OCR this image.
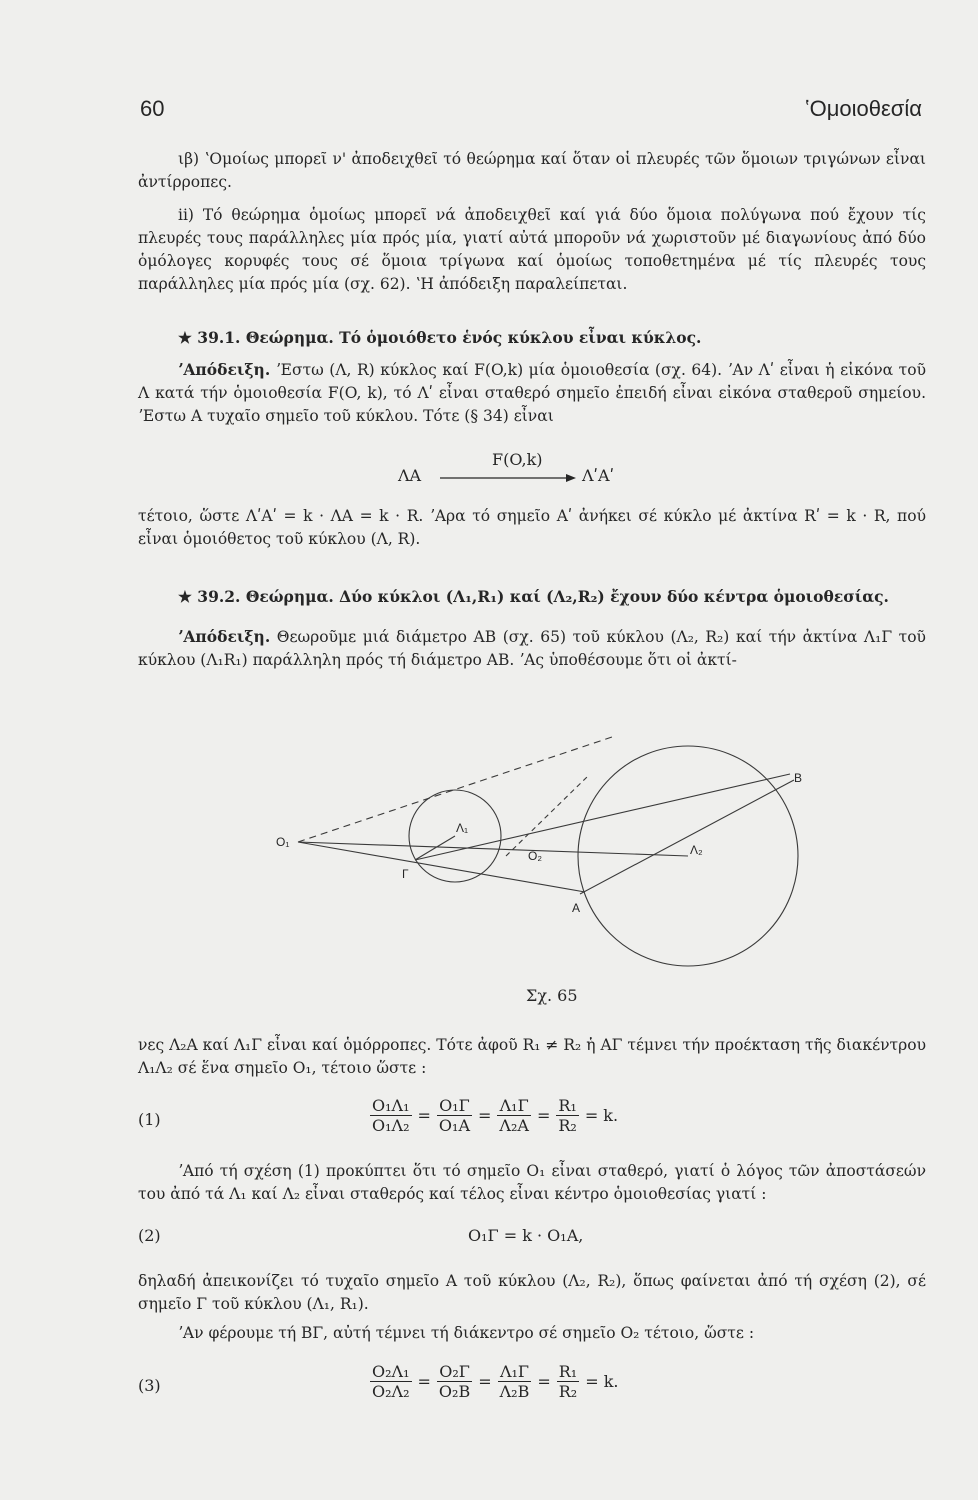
60	ʽΟμοιοθεσία

ιβ) ʽΟμοίως μπορεῖ ν' ἀποδειχθεῖ τό θεώρημα καί ὅταν οἱ πλευρές τῶν ὅμοιων τριγώνων εἶναι ἀντίρροπες.

ii) Τό θεώρημα ὁμοίως μπορεῖ νά ἀποδειχθεῖ καί γιά δύο ὅμοια πολύγωνα πού ἔχουν τίς πλευρές τους παράλληλες μία πρός μία, γιατί αὐτά μποροῦν νά χωριστοῦν μέ διαγωνίους ἀπό δύο ὁμόλογες κορυφές τους σέ ὅμοια τρίγωνα καί ὁμοίως τοποθετημένα μέ τίς πλευρές τους παράλληλες μία πρός μία (σχ. 62). ʽΗ ἀπόδειξη παραλείπεται.

★ 39.1. Θεώρημα. Τό ὁμοιόθετο ἑνός κύκλου εἶναι κύκλος.

ʼΑπόδειξη. ʼΕστω (Λ, R) κύκλος καί F(O,k) μία ὁμοιοθεσία (σχ. 64). ʼΑν Λʹ εἶναι ἡ εἰκόνα τοῦ Λ κατά τήν ὁμοιοθεσία F(O, k), τό Λʹ εἶναι σταθερό σημεῖο ἐπειδή εἶναι εἰκόνα σταθεροῦ σημείου. ʼΕστω Α τυχαῖο σημεῖο τοῦ κύκλου. Τότε (§ 34) εἶναι

F(O,k)
ΛΑ	ΛʹΑʹ

τέτοιο, ὥστε ΛʹΑʹ = k · ΛΑ = k · R. ʼΑρα τό σημεῖο Αʹ ἀνήκει σέ κύκλο μέ ἀκτίνα Rʹ = k · R, πού εἶναι ὁμοιόθετος τοῦ κύκλου (Λ, R).

★ 39.2. Θεώρημα. Δύο κύκλοι (Λ₁,R₁) καί (Λ₂,R₂) ἔχουν δύο κέντρα ὁμοιοθεσίας.

ʼΑπόδειξη. Θεωροῦμε μιά διάμετρο ΑΒ (σχ. 65) τοῦ κύκλου (Λ₂, R₂) καί τήν ἀκτίνα Λ₁Γ τοῦ κύκλου (Λ₁R₁) παράλληλη πρός τή διάμετρο ΑΒ. ʼΑς ὑποθέσουμε ὅτι οἱ ἀκτί-

O₁
Λ₁
O₂	Λ₂
Γ
Α
Β
Σχ. 65

νες Λ₂Α καί Λ₁Γ εἶναι καί ὁμόρροπες. Τότε ἀφοῦ R₁ ≠ R₂ ἡ ΑΓ τέμνει τήν προέκταση τῆς διακέντρου Λ₁Λ₂ σέ ἕνα σημεῖο Ο₁, τέτοιο ὥστε :

(1)	$\frac{\text{O₁Λ₁}}{\text{O₁Λ₂}} = \frac{\text{O₁Γ}}{\text{O₁Α}} = \frac{\text{Λ₁Γ}}{\text{Λ₂Α}} = \frac{\text{R₁}}{\text{R₂}} = k$.

ʼΑπό τή σχέση (1) προκύπτει ὅτι τό σημεῖο Ο₁ εἶναι σταθερό, γιατί ὁ λόγος τῶν ἀποστάσεών του ἀπό τά Λ₁ καί Λ₂ εἶναι σταθερός καί τέλος εἶναι κέντρο ὁμοιοθεσίας γιατί :

(2)	Ο₁Γ = k · Ο₁Α,

δηλαδή ἀπεικονίζει τό τυχαῖο σημεῖο Α τοῦ κύκλου (Λ₂, R₂), ὅπως φαίνεται ἀπό τή σχέση (2), σέ σημεῖο Γ τοῦ κύκλου (Λ₁, R₁).

ʼΑν φέρουμε τή ΒΓ, αὐτή τέμνει τή διάκεντρο σέ σημεῖο Ο₂ τέτοιο, ὥστε :

(3)	$\frac{\text{O₂Λ₁}}{\text{O₂Λ₂}} = \frac{\text{O₂Γ}}{\text{O₂Β}} = \frac{\text{Λ₁Γ}}{\text{Λ₂Β}} = \frac{\text{R₁}}{\text{R₂}} = k$.
